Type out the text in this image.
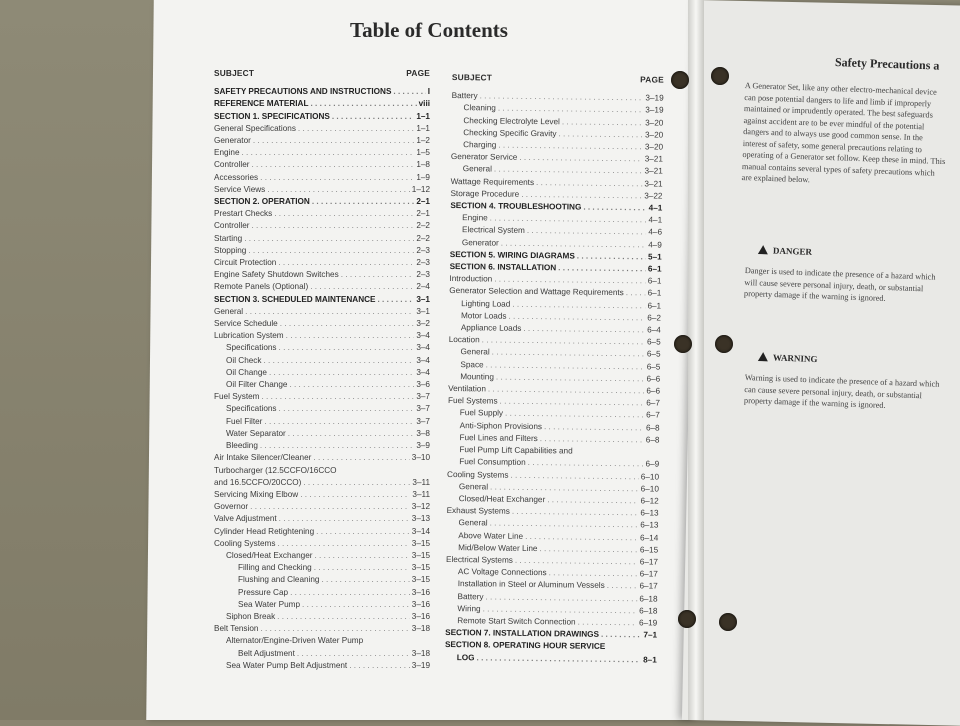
Table of Contents
SUBJECT	PAGE
SAFETY PRECAUTIONS AND INSTRUCTIONS . . .	I
REFERENCE MATERIAL . . .	viii
SECTION 1. SPECIFICATIONS . . .	1–1
General Specifications . . .	1–1
Generator . . .	1–2
Engine . . .	1–5
Controller . . .	1–8
Accessories . . .	1–9
Service Views . . .	1–12
SECTION 2. OPERATION . . .	2–1
Prestart Checks . . .	2–1
Controller . . .	2–2
Starting . . .	2–2
Stopping . . .	2–3
Circuit Protection . . .	2–3
Engine Safety Shutdown Switches . . .	2–3
Remote Panels (Optional) . . .	2–4
SECTION 3. SCHEDULED MAINTENANCE . . .	3–1
General . . .	3–1
Service Schedule . . .	3–2
Lubrication System . . .	3–4
Specifications . . .	3–4
Oil Check . . .	3–4
Oil Change . . .	3–4
Oil Filter Change . . .	3–6
Fuel System . . .	3–7
Specifications . . .	3–7
Fuel Filter . . .	3–7
Water Separator . . .	3–8
Bleeding . . .	3–9
Air Intake Silencer/Cleaner . . .	3–10
Turbocharger (12.5CCFO/16CCO
and 16.5CCFO/20CCO) . . .	3–11
Servicing Mixing Elbow . . .	3–11
Governor . . .	3–12
Valve Adjustment . . .	3–13
Cylinder Head Retightening . . .	3–14
Cooling Systems . . .	3–15
Closed/Heat Exchanger . . .	3–15
Filling and Checking . . .	3–15
Flushing and Cleaning . . .	3–15
Pressure Cap . . .	3–16
Sea Water Pump . . .	3–16
Siphon Break . . .	3–16
Belt Tension . . .	3–18
Alternator/Engine-Driven Water Pump
Belt Adjustment . . .	3–18
Sea Water Pump Belt Adjustment . . .	3–19
SUBJECT	PAGE
Battery . . .	3–19
Cleaning . . .	3–19
Checking Electrolyte Level . . .	3–20
Checking Specific Gravity . . .	3–20
Charging . . .	3–20
Generator Service . . .	3–21
General . . .	3–21
Wattage Requirements . . .	3–21
Storage Procedure . . .	3–22
SECTION 4. TROUBLESHOOTING . . .	4–1
Engine . . .	4–1
Electrical System . . .	4–6
Generator . . .	4–9
SECTION 5. WIRING DIAGRAMS . . .	5–1
SECTION 6. INSTALLATION . . .	6–1
Introduction . . .	6–1
Generator Selection and Wattage Requirements . . .	6–1
Lighting Load . . .	6–1
Motor Loads . . .	6–2
Appliance Loads . . .	6–4
Location . . .	6–5
General . . .	6–5
Space . . .	6–5
Mounting . . .	6–6
Ventilation . . .	6–6
Fuel Systems . . .	6–7
Fuel Supply . . .	6–7
Anti-Siphon Provisions . . .	6–8
Fuel Lines and Filters . . .	6–8
Fuel Pump Lift Capabilities and
Fuel Consumption . . .	6–9
Cooling Systems . . .	6–10
General . . .	6–10
Closed/Heat Exchanger . . .	6–12
Exhaust Systems . . .	6–13
General . . .	6–13
Above Water Line . . .	6–14
Mid/Below Water Line . . .	6–15
Electrical Systems . . .	6–17
AC Voltage Connections . . .	6–17
Installation in Steel or Aluminum Vessels . . .	6–17
Battery . . .	6–18
Wiring . . .	6–18
Remote Start Switch Connection . . .	6–19
SECTION 7. INSTALLATION DRAWINGS . . .	7–1
SECTION 8. OPERATING HOUR SERVICE
LOG . . .	8–1
Safety Precautions a
A Generator Set, like any other electro-mechanical device can pose potential dangers to life and limb if improperly maintained or imprudently operated. The best safeguards against accident are to be ever mindful of the potential dangers and to always use good common sense. In the interest of safety, some general precautions relating to operating of a Generator set follow. Keep these in mind. This manual contains several types of safety precautions which are explained below.
DANGER
Danger is used to indicate the presence of a hazard which will cause severe personal injury, death, or substantial property damage if the warning is ignored.
WARNING
Warning is used to indicate the presence of a hazard which can cause severe personal injury, death, or substantial property damage if the warning is ignored.
